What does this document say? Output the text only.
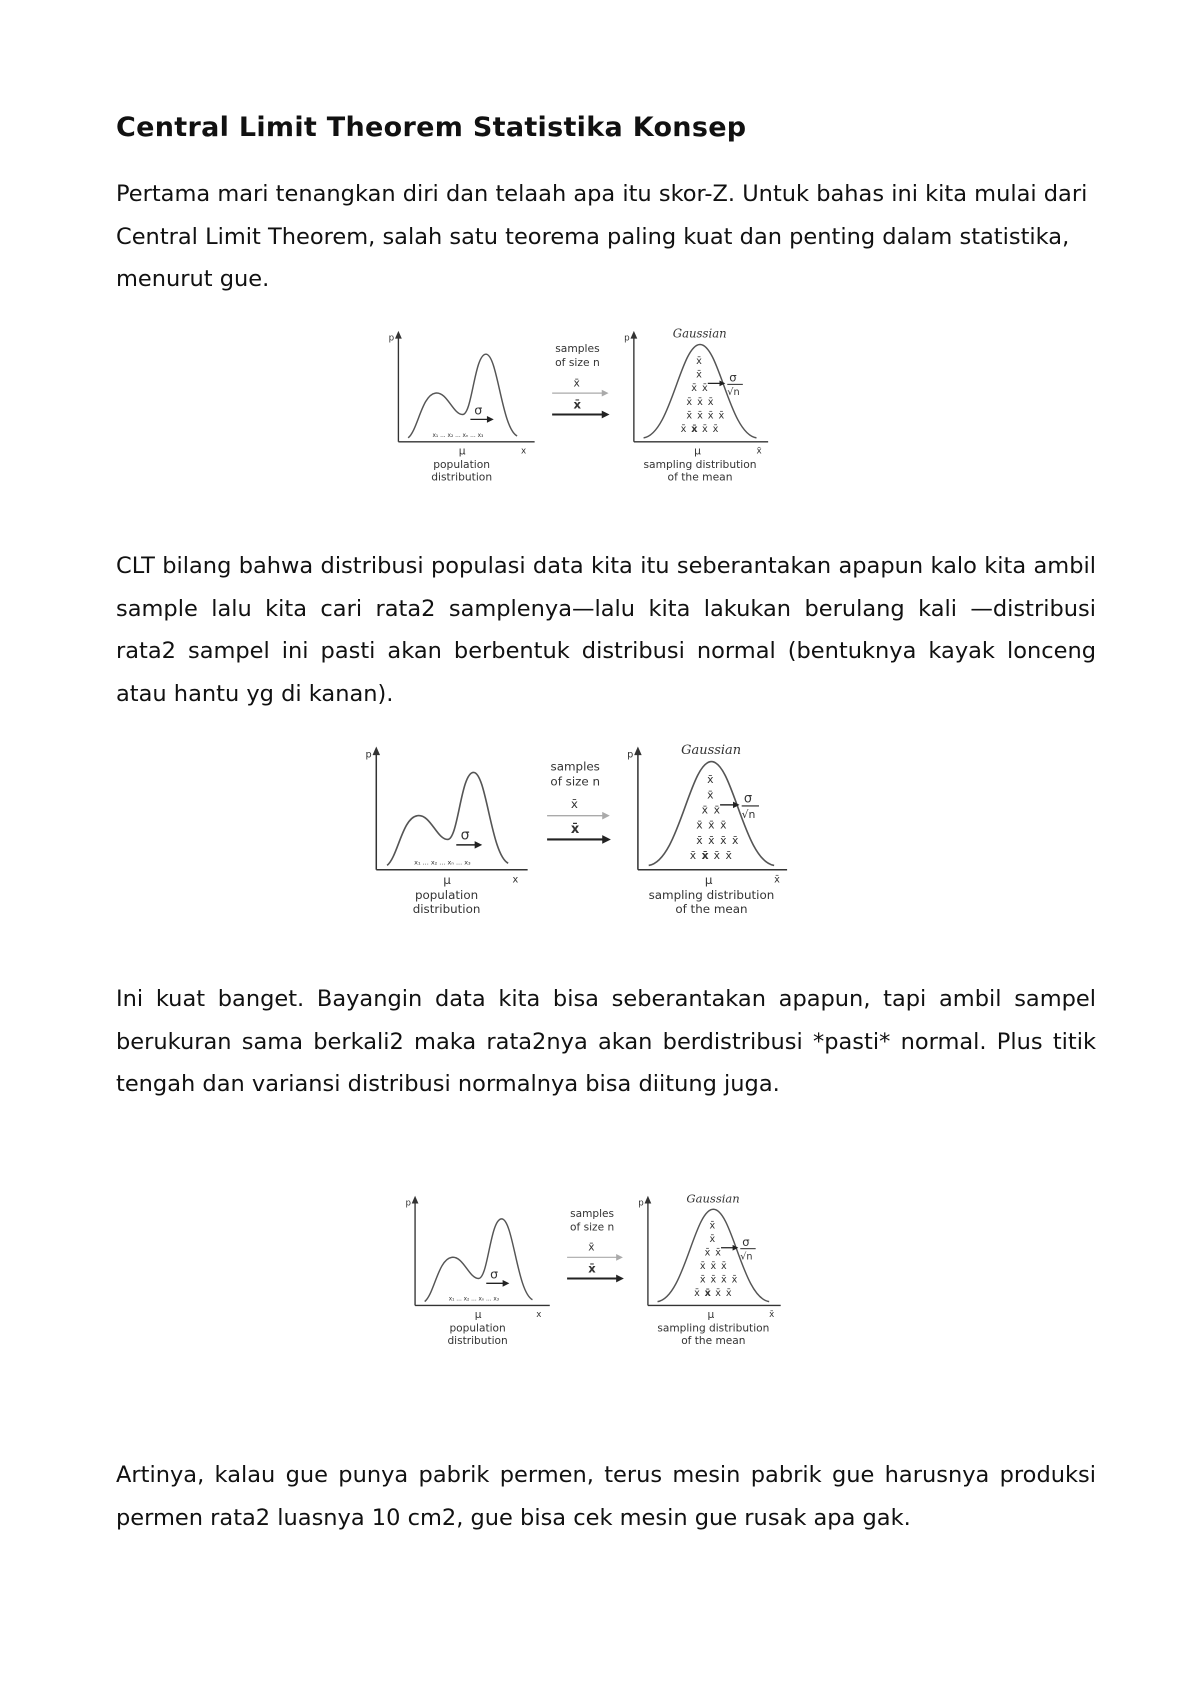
Central Limit Theorem Statistika Konsep

Pertama mari tenangkan diri dan telaah apa itu skor-Z. Untuk bahas ini kita mulai dari Central Limit Theorem, salah satu teorema paling kuat dan penting dalam statistika, menurut gue.

CLT bilang bahwa distribusi populasi data kita itu seberantakan apapun kalo kita ambil sample lalu kita cari rata2 samplenya—lalu kita lakukan berulang kali —distribusi rata2 sampel ini pasti akan berbentuk distribusi normal (bentuknya kayak lonceng atau hantu yg di kanan).

Ini kuat banget. Bayangin data kita bisa seberantakan apapun, tapi ambil sampel berukuran sama berkali2 maka rata2nya akan berdistribusi *pasti* normal. Plus titik tengah dan variansi distribusi normalnya bisa diitung juga.

Artinya, kalau gue punya pabrik permen, terus mesin pabrik gue harusnya produksi permen rata2 luasnya 10 cm2, gue bisa cek mesin gue rusak apa gak.

p
x
σ
x₁ ... x₂ ... xₙ ... x₃
μ
population
distribution
samples
of size n
x̄
x̄
p
x̄
Gaussian
x̄ x̄ x̄ x̄
x̄ x̄ x̄ x̄
x̄ x̄ x̄
x̄ x̄
x̄
x̄
σ
√n
μ
sampling distribution
of the mean
p
x
σ
x₁ ... x₂ ... xₙ ... x₃
μ
population
distribution
samples
of size n
x̄
x̄
p
x̄
Gaussian
x̄ x̄ x̄ x̄
x̄ x̄ x̄ x̄
x̄ x̄ x̄
x̄ x̄
x̄
x̄
σ
√n
μ
sampling distribution
of the mean
p
x
σ
x₁ ... x₂ ... xₙ ... x₃
μ
population
distribution
samples
of size n
x̄
x̄
p
x̄
Gaussian
x̄ x̄ x̄ x̄
x̄ x̄ x̄ x̄
x̄ x̄ x̄
x̄ x̄
x̄
x̄
σ
√n
μ
sampling distribution
of the mean
